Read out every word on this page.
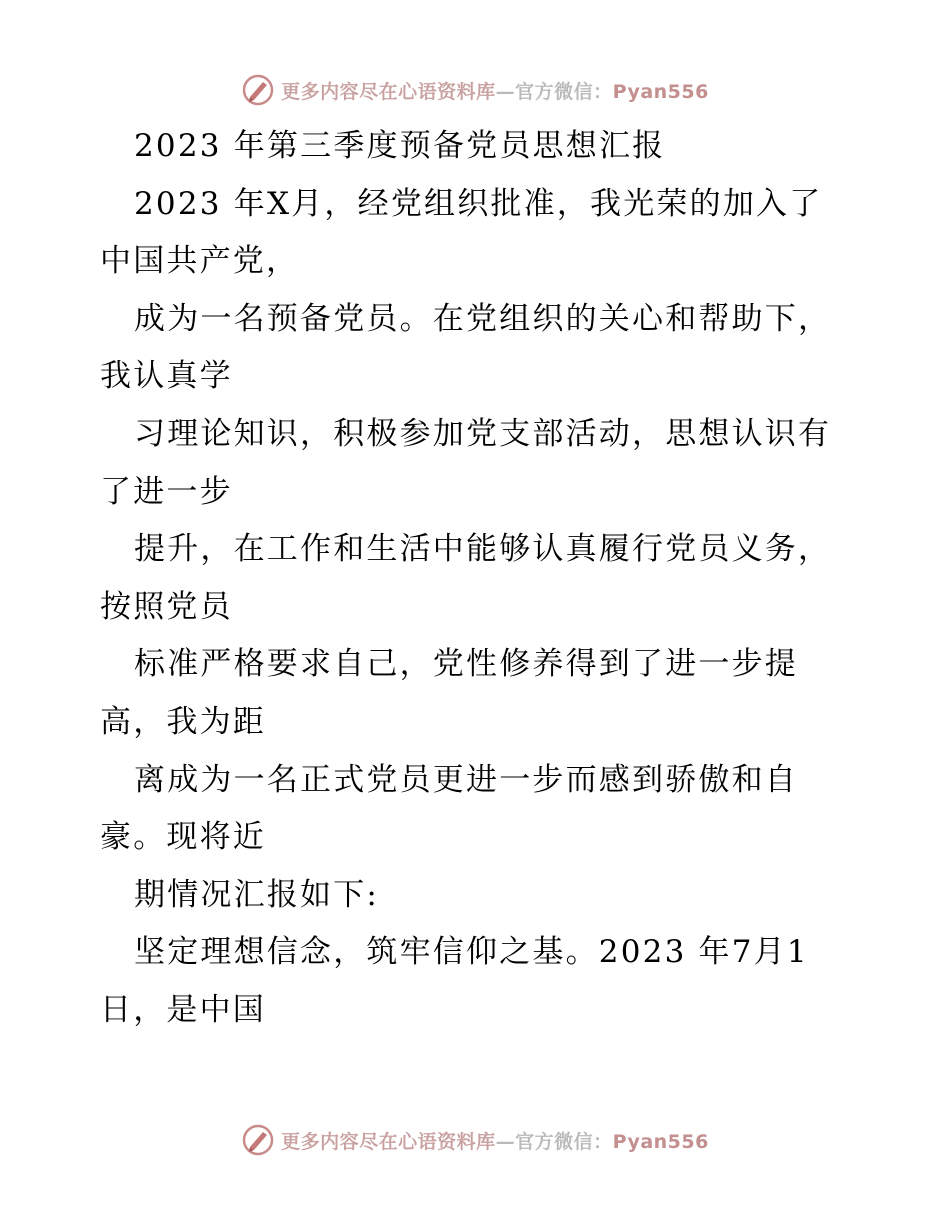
更多内容尽在心语资料库—官方微信：Pyan556
2023 年第三季度预备党员思想汇报
2023 年X月，经党组织批准，我光荣的加入了
中国共产党，
成为一名预备党员。在党组织的关心和帮助下，
我认真学
习理论知识，积极参加党支部活动，思想认识有
了进一步
提升，在工作和生活中能够认真履行党员义务，
按照党员
标准严格要求自己，党性修养得到了进一步提
高，我为距
离成为一名正式党员更进一步而感到骄傲和自
豪。现将近
期情况汇报如下:
坚定理想信念，筑牢信仰之基。2023 年7月1
日，是中国
更多内容尽在心语资料库—官方微信：Pyan556
